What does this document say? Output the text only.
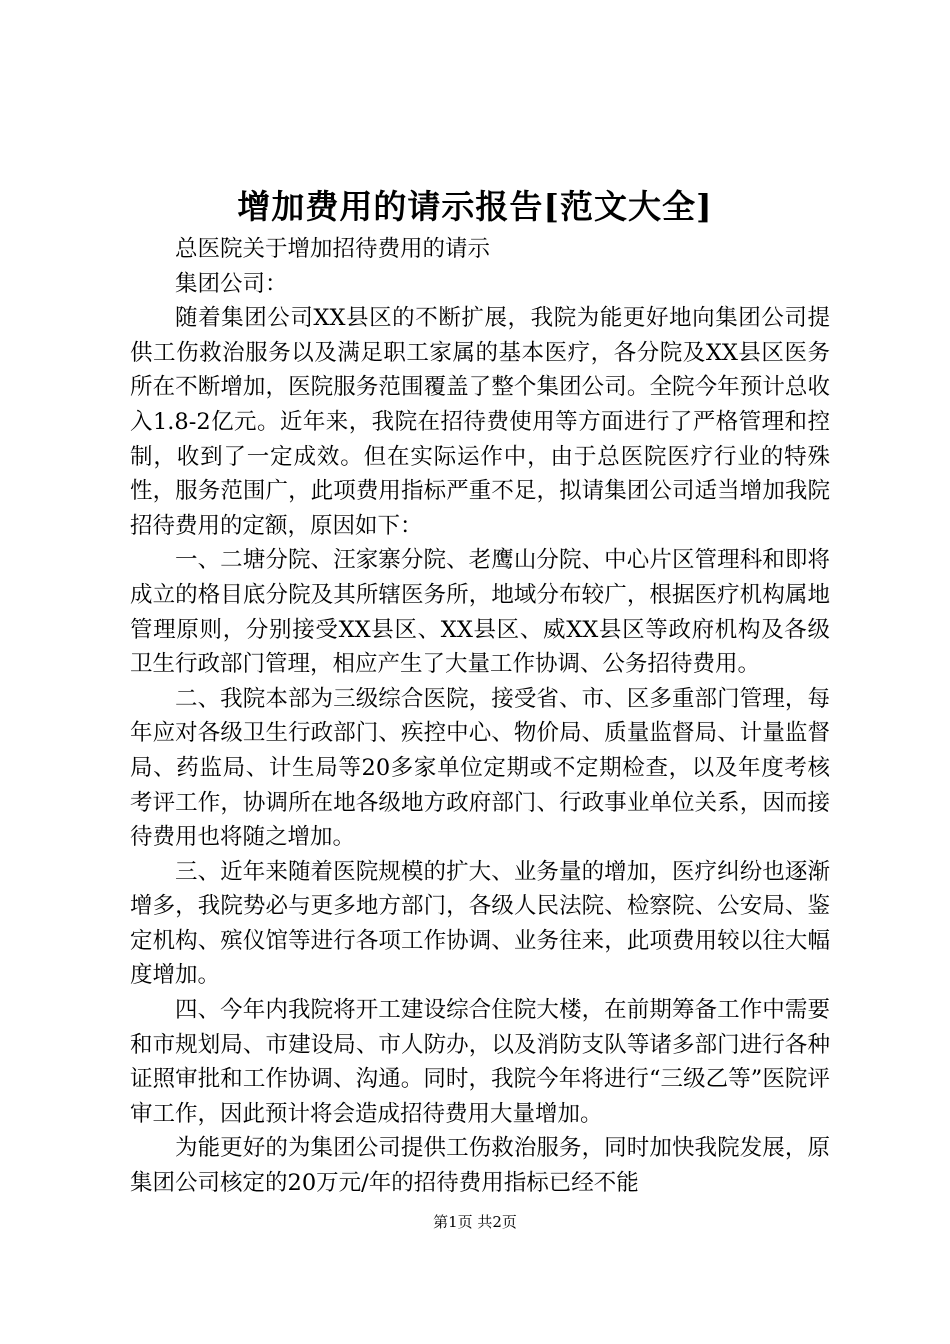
增加费用的请示报告[范文大全]

总医院关于增加招待费用的请示

集团公司：

随着集团公司XX县区的不断扩展，我院为能更好地向集团公司提供工伤救治服务以及满足职工家属的基本医疗，各分院及XX县区医务所在不断增加，医院服务范围覆盖了整个集团公司。全院今年预计总收入1.8-2亿元。近年来，我院在招待费使用等方面进行了严格管理和控制，收到了一定成效。但在实际运作中，由于总医院医疗行业的特殊性，服务范围广，此项费用指标严重不足，拟请集团公司适当增加我院招待费用的定额，原因如下：

一、二塘分院、汪家寨分院、老鹰山分院、中心片区管理科和即将成立的格目底分院及其所辖医务所，地域分布较广，根据医疗机构属地管理原则，分别接受XX县区、XX县区、威XX县区等政府机构及各级卫生行政部门管理，相应产生了大量工作协调、公务招待费用。

二、我院本部为三级综合医院，接受省、市、区多重部门管理，每年应对各级卫生行政部门、疾控中心、物价局、质量监督局、计量监督局、药监局、计生局等20多家单位定期或不定期检查，以及年度考核考评工作，协调所在地各级地方政府部门、行政事业单位关系，因而接待费用也将随之增加。

三、近年来随着医院规模的扩大、业务量的增加，医疗纠纷也逐渐增多，我院势必与更多地方部门，各级人民法院、检察院、公安局、鉴定机构、殡仪馆等进行各项工作协调、业务往来，此项费用较以往大幅度增加。

四、今年内我院将开工建设综合住院大楼，在前期筹备工作中需要和市规划局、市建设局、市人防办，以及消防支队等诸多部门进行各种证照审批和工作协调、沟通。同时，我院今年将进行“三级乙等”医院评审工作，因此预计将会造成招待费用大量增加。

为能更好的为集团公司提供工伤救治服务，同时加快我院发展，原集团公司核定的20万元/年的招待费用指标已经不能

第1页 共2页
